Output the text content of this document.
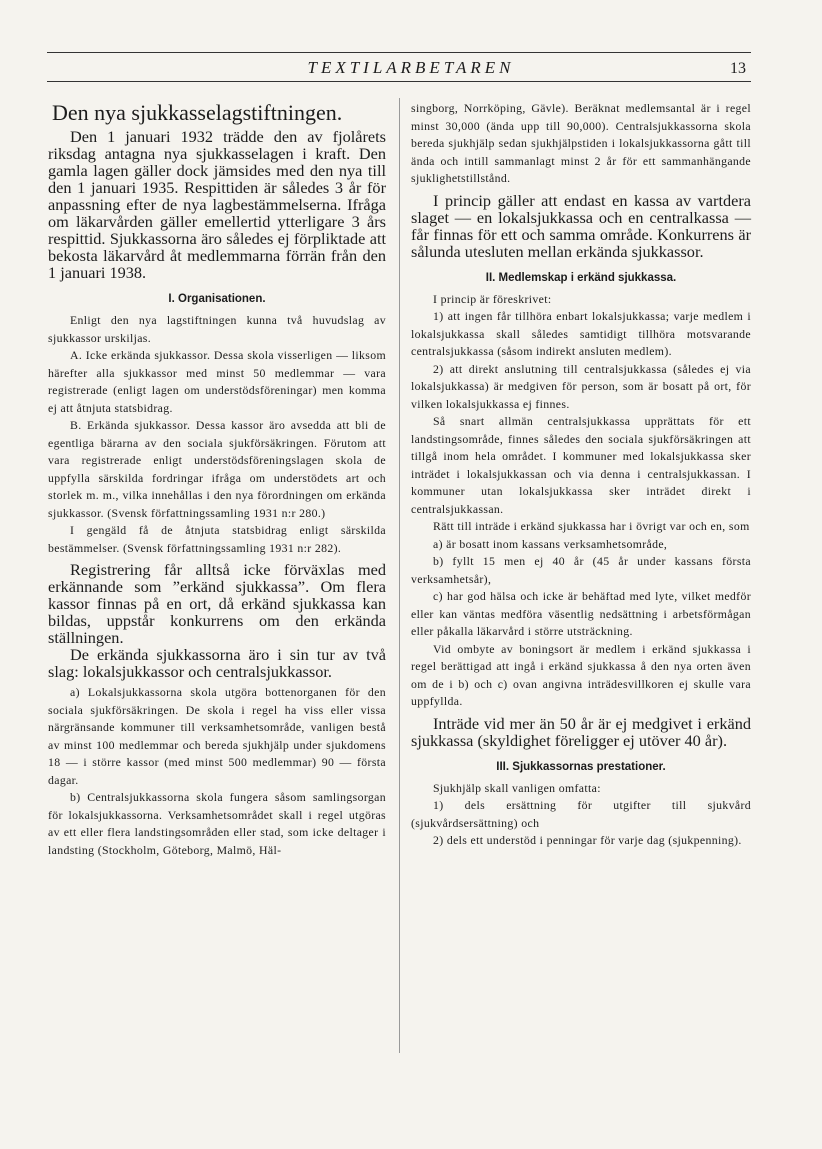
TEXTILARBETAREN	13
Den nya sjukkasselagstiftningen.

Den 1 januari 1932 trädde den av fjolårets riksdag antagna nya sjukkasselagen i kraft. Den gamla lagen gäller dock jämsides med den nya till den 1 januari 1935. Respittiden är således 3 år för anpassning efter de nya lagbestämmelserna. Ifråga om läkarvården gäller emellertid ytterligare 3 års respittid. Sjukkassorna äro således ej förpliktade att bekosta läkarvård åt medlemmarna förrän från den 1 januari 1938.

I. Organisationen.

Enligt den nya lagstiftningen kunna två huvudslag av sjukkassor urskiljas.

A. Icke erkända sjukkassor. Dessa skola visserligen — liksom härefter alla sjukkassor med minst 50 medlemmar — vara registrerade (enligt lagen om understödsföreningar) men komma ej att åtnjuta statsbidrag.

B. Erkända sjukkassor. Dessa kassor äro avsedda att bli de egentliga bärarna av den sociala sjukförsäkringen. Förutom att vara registrerade enligt understödsföreningslagen skola de uppfylla särskilda fordringar ifråga om understödets art och storlek m. m., vilka innehållas i den nya förordningen om erkända sjukkassor. (Svensk författningssamling 1931 n:r 280.)

I gengäld få de åtnjuta statsbidrag enligt särskilda bestämmelser. (Svensk författningssamling 1931 n:r 282).

Registrering får alltså icke förväxlas med erkännande som ”erkänd sjukkassa”. Om flera kassor finnas på en ort, då erkänd sjukkassa kan bildas, uppstår konkurrens om den erkända ställningen.

De erkända sjukkassorna äro i sin tur av två slag: lokalsjukkassor och centralsjukkassor.

a) Lokalsjukkassorna skola utgöra bottenorganen för den sociala sjukförsäkringen. De skola i regel ha viss eller vissa närgränsande kommuner till verksamhetsområde, vanligen bestå av minst 100 medlemmar och bereda sjukhjälp under sjukdomens 18 — i större kassor (med minst 500 medlemmar) 90 — första dagar.

b) Centralsjukkassorna skola fungera såsom samlingsorgan för lokalsjukkassorna. Verksamhetsområdet skall i regel utgöras av ett eller flera landstingsområden eller stad, som icke deltager i landsting (Stockholm, Göteborg, Malmö, Häl-

singborg, Norrköping, Gävle). Beräknat medlemsantal är i regel minst 30,000 (ända upp till 90,000). Centralsjukkassorna skola bereda sjukhjälp sedan sjukhjälpstiden i lokalsjukkassorna gått till ända och intill sammanlagt minst 2 år för ett sammanhängande sjuklighetstillstånd.

I princip gäller att endast en kassa av vartdera slaget — en lokalsjukkassa och en centralkassa — får finnas för ett och samma område. Konkurrens är sålunda utesluten mellan erkända sjukkassor.

II. Medlemskap i erkänd sjukkassa.

I princip är föreskrivet:

1) att ingen får tillhöra enbart lokalsjukkassa; varje medlem i lokalsjukkassa skall således samtidigt tillhöra motsvarande centralsjukkassa (såsom indirekt ansluten medlem).

2) att direkt anslutning till centralsjukkassa (således ej via lokalsjukkassa) är medgiven för person, som är bosatt på ort, för vilken lokalsjukkassa ej finnes.

Så snart allmän centralsjukkassa upprättats för ett landstingsområde, finnes således den sociala sjukförsäkringen att tillgå inom hela området. I kommuner med lokalsjukkassa sker inträdet i lokalsjukkassan och via denna i centralsjukkassan. I kommuner utan lokalsjukkassa sker inträdet direkt i centralsjukkassan.

Rätt till inträde i erkänd sjukkassa har i övrigt var och en, som

a) är bosatt inom kassans verksamhetsområde,

b) fyllt 15 men ej 40 år (45 år under kassans första verksamhetsår),

c) har god hälsa och icke är behäftad med lyte, vilket medför eller kan väntas medföra väsentlig nedsättning i arbetsförmågan eller påkalla läkarvård i större utsträckning.

Vid ombyte av boningsort är medlem i erkänd sjukkassa i regel berättigad att ingå i erkänd sjukkassa å den nya orten även om de i b) och c) ovan angivna inträdesvillkoren ej skulle vara uppfyllda.

Inträde vid mer än 50 år är ej medgivet i erkänd sjukkassa (skyldighet föreligger ej utöver 40 år).

III. Sjukkassornas prestationer.

Sjukhjälp skall vanligen omfatta:

1) dels ersättning för utgifter till sjukvård (sjukvårdsersättning) och

2) dels ett understöd i penningar för varje dag (sjukpenning).
